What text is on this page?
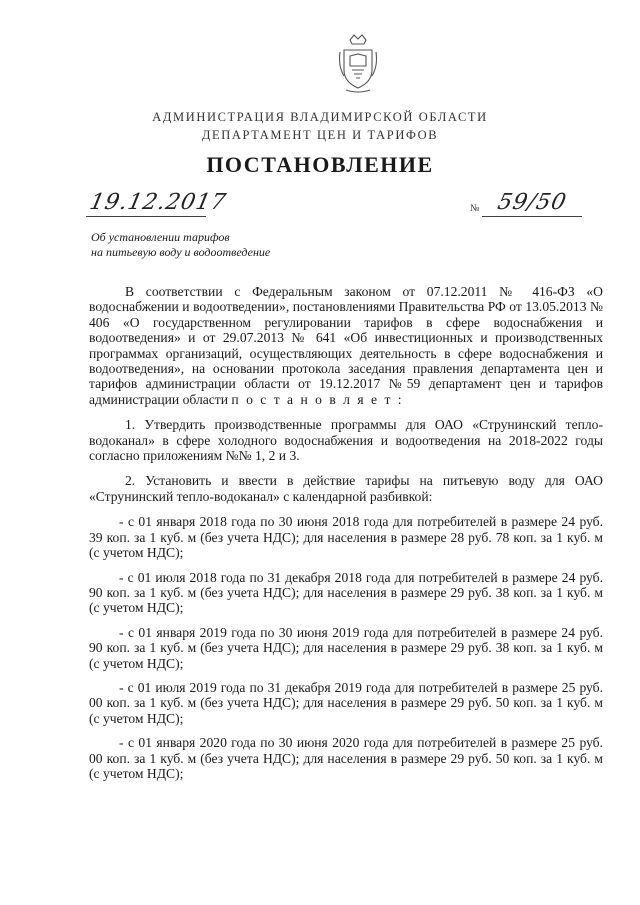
АДМИНИСТРАЦИЯ ВЛАДИМИРСКОЙ ОБЛАСТИ
ДЕПАРТАМЕНТ ЦЕН И ТАРИФОВ
ПОСТАНОВЛЕНИЕ
19.12.2017	№ 59/50
Об установлении тарифов
на питьевую воду и водоотведение

В соответствии с Федеральным законом от 07.12.2011 № 416-ФЗ «О водоснабжении и водоотведении», постановлениями Правительства РФ от 13.05.2013 № 406 «О государственном регулировании тарифов в сфере водоснабжения и водоотведения» и от 29.07.2013 № 641 «Об инвестиционных и производственных программах организаций, осуществляющих деятельность в сфере водоснабжения и водоотведения», на основании протокола заседания правления департамента цен и тарифов администрации области от 19.12.2017 №59 департамент цен и тарифов администрации области п о с т а н о в л я е т :

1. Утвердить производственные программы для ОАО «Струнинский тепло-водоканал» в сфере холодного водоснабжения и водоотведения на 2018-2022 годы согласно приложениям №№ 1, 2 и 3.

2. Установить и ввести в действие тарифы на питьевую воду для ОАО «Струнинский тепло-водоканал» с календарной разбивкой:

- с 01 января 2018 года по 30 июня 2018 года для потребителей в размере 24 руб. 39 коп. за 1 куб. м (без учета НДС); для населения в размере 28 руб. 78 коп. за 1 куб. м (с учетом НДС);

- с 01 июля 2018 года по 31 декабря 2018 года для потребителей в размере 24 руб. 90 коп. за 1 куб. м (без учета НДС); для населения в размере 29 руб. 38 коп. за 1 куб. м (с учетом НДС);

- с 01 января 2019 года по 30 июня 2019 года для потребителей в размере 24 руб. 90 коп. за 1 куб. м (без учета НДС); для населения в размере 29 руб. 38 коп. за 1 куб. м (с учетом НДС);

- с 01 июля 2019 года по 31 декабря 2019 года для потребителей в размере 25 руб. 00 коп. за 1 куб. м (без учета НДС); для населения в размере 29 руб. 50 коп. за 1 куб. м (с учетом НДС);

- с 01 января 2020 года по 30 июня 2020 года для потребителей в размере 25 руб. 00 коп. за 1 куб. м (без учета НДС); для населения в размере 29 руб. 50 коп. за 1 куб. м (с учетом НДС);
